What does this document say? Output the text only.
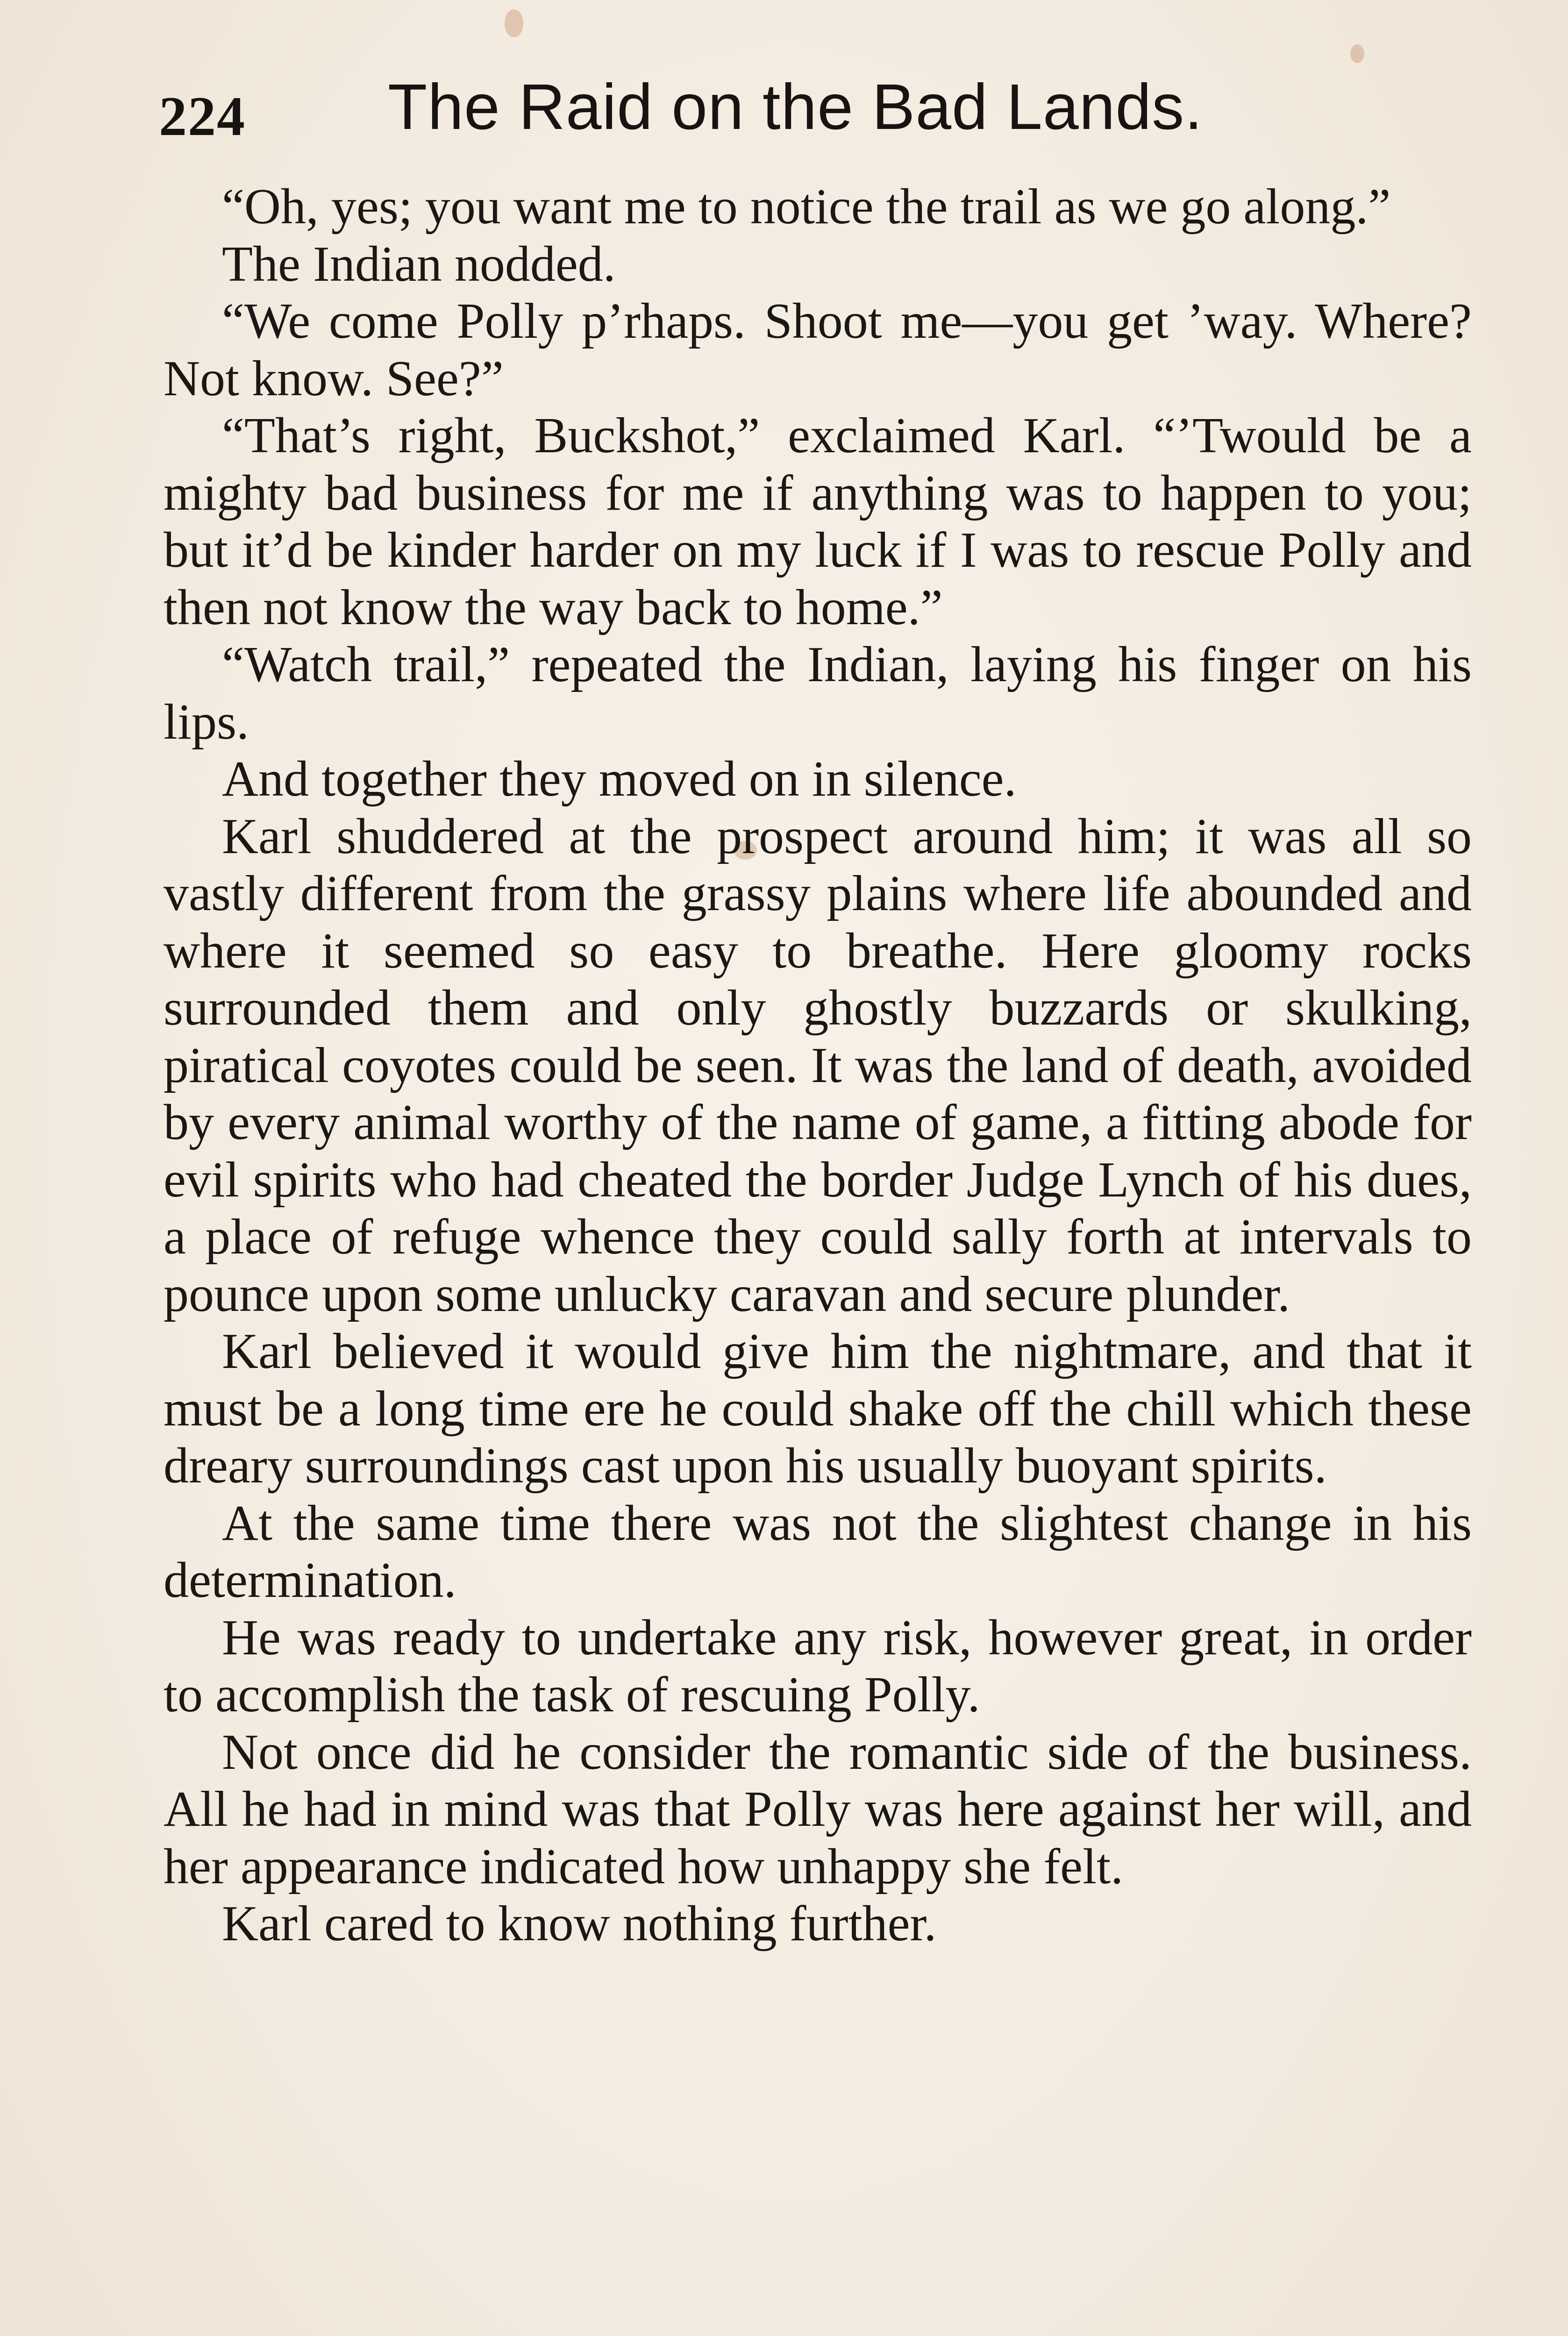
224 The Raid on the Bad Lands.

“Oh, yes; you want me to notice the trail as we go along.”

The Indian nodded.

“We come Polly p’rhaps. Shoot me—you get ’way. Where? Not know. See?”

“That’s right, Buckshot,” exclaimed Karl. “’Twould be a mighty bad business for me if anything was to happen to you; but it’d be kinder harder on my luck if I was to rescue Polly and then not know the way back to home.”

“Watch trail,” repeated the Indian, laying his finger on his lips.

And together they moved on in silence.

Karl shuddered at the prospect around him; it was all so vastly different from the grassy plains where life abounded and where it seemed so easy to breathe. Here gloomy rocks surrounded them and only ghostly buzzards or skulking, piratical coyotes could be seen. It was the land of death, avoided by every animal worthy of the name of game, a fitting abode for evil spirits who had cheated the border Judge Lynch of his dues, a place of refuge whence they could sally forth at intervals to pounce upon some unlucky caravan and secure plunder.

Karl believed it would give him the nightmare, and that it must be a long time ere he could shake off the chill which these dreary surroundings cast upon his usually buoyant spirits.

At the same time there was not the slightest change in his determination.

He was ready to undertake any risk, however great, in order to accomplish the task of rescuing Polly.

Not once did he consider the romantic side of the business. All he had in mind was that Polly was here against her will, and her appearance indicated how unhappy she felt.

Karl cared to know nothing further.
